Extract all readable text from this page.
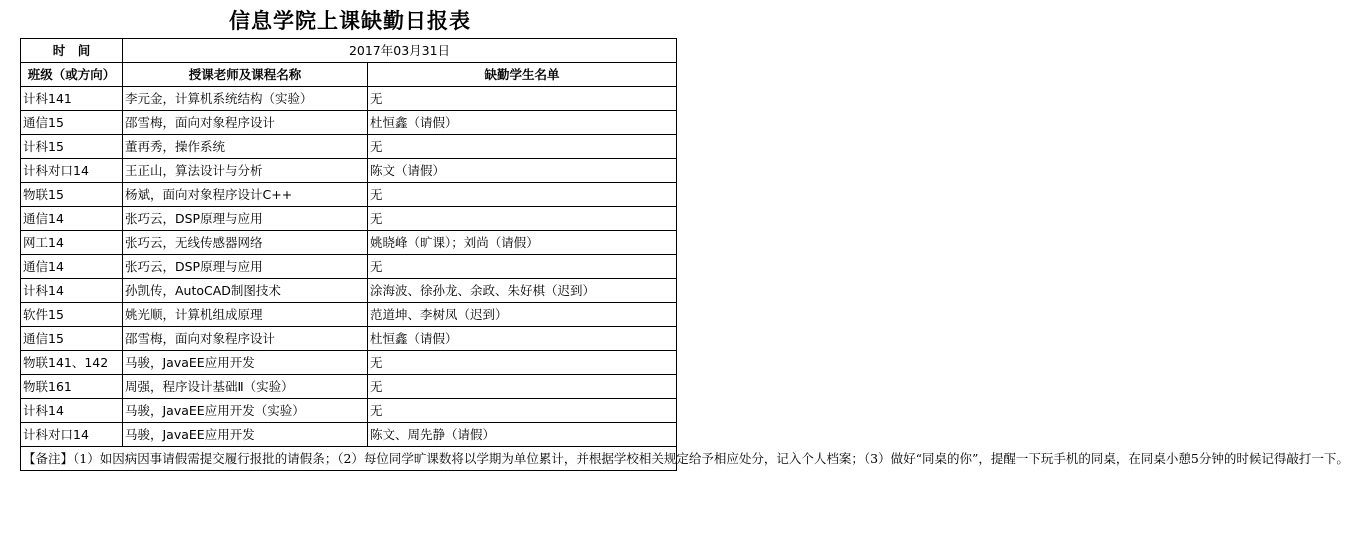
信息学院上课缺勤日报表
时　间	2017年03月31日	
班级（或方向）	授课老师及课程名称	缺勤学生名单
计科141	李元金，计算机系统结构（实验）	无
通信15	邵雪梅，面向对象程序设计	杜恒鑫（请假）
计科15	董再秀，操作系统	无
计科对口14	王正山，算法设计与分析	陈文（请假）
物联15	杨斌，面向对象程序设计C++	无
通信14	张巧云，DSP原理与应用	无
网工14	张巧云，无线传感器网络	姚晓峰（旷课）；刘尚（请假）
通信14	张巧云，DSP原理与应用	无
计科14	孙凯传，AutoCAD制图技术	涂海波、徐孙龙、余政、朱好棋（迟到）
软件15	姚光顺，计算机组成原理	范道坤、李树凤（迟到）
通信15	邵雪梅，面向对象程序设计	杜恒鑫（请假）
物联141、142	马骏，JavaEE应用开发	无
物联161	周强，程序设计基础Ⅱ（实验）	无
计科14	马骏，JavaEE应用开发（实验）	无
计科对口14	马骏，JavaEE应用开发	陈文、周先静（请假）
【备注】（1）如因病因事请假需提交履行报批的请假条；（2）每位同学旷课数将以学期为单位累计，并根据学校相关规定给予相应处分，记入个人档案；（3）做好“同桌的你”，提醒一下玩手机的同桌，在同桌小憩5分钟的时候记得敲打一下。		
